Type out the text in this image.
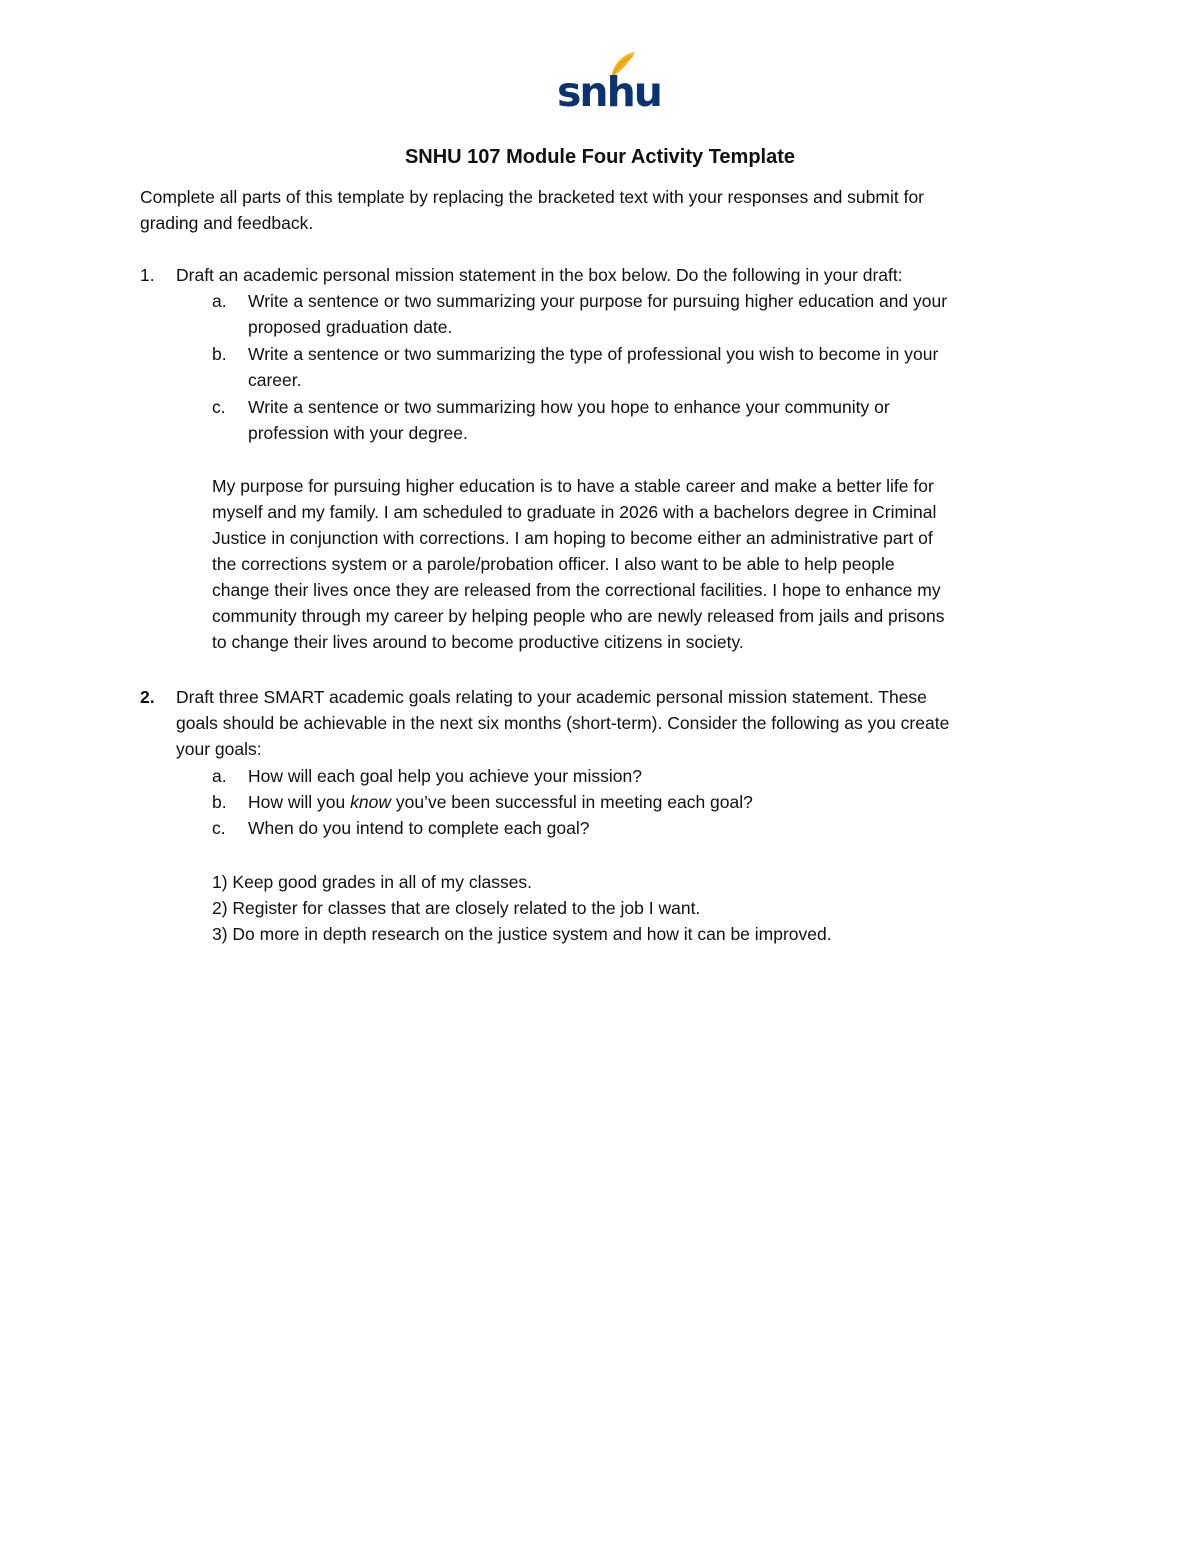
snhu
SNHU 107 Module Four Activity Template
Complete all parts of this template by replacing the bracketed text with your responses and submit for
grading and feedback.
1. Draft an academic personal mission statement in the box below. Do the following in your draft:
a. Write a sentence or two summarizing your purpose for pursuing higher education and your
proposed graduation date.
b. Write a sentence or two summarizing the type of professional you wish to become in your
career.
c. Write a sentence or two summarizing how you hope to enhance your community or
profession with your degree.
My purpose for pursuing higher education is to have a stable career and make a better life for
myself and my family. I am scheduled to graduate in 2026 with a bachelors degree in Criminal
Justice in conjunction with corrections. I am hoping to become either an administrative part of
the corrections system or a parole/probation officer. I also want to be able to help people
change their lives once they are released from the correctional facilities. I hope to enhance my
community through my career by helping people who are newly released from jails and prisons
to change their lives around to become productive citizens in society.
2. Draft three SMART academic goals relating to your academic personal mission statement. These
goals should be achievable in the next six months (short-term). Consider the following as you create
your goals:
a. How will each goal help you achieve your mission?
b. How will you know you’ve been successful in meeting each goal?
c. When do you intend to complete each goal?
1) Keep good grades in all of my classes.
2) Register for classes that are closely related to the job I want.
3) Do more in depth research on the justice system and how it can be improved.
